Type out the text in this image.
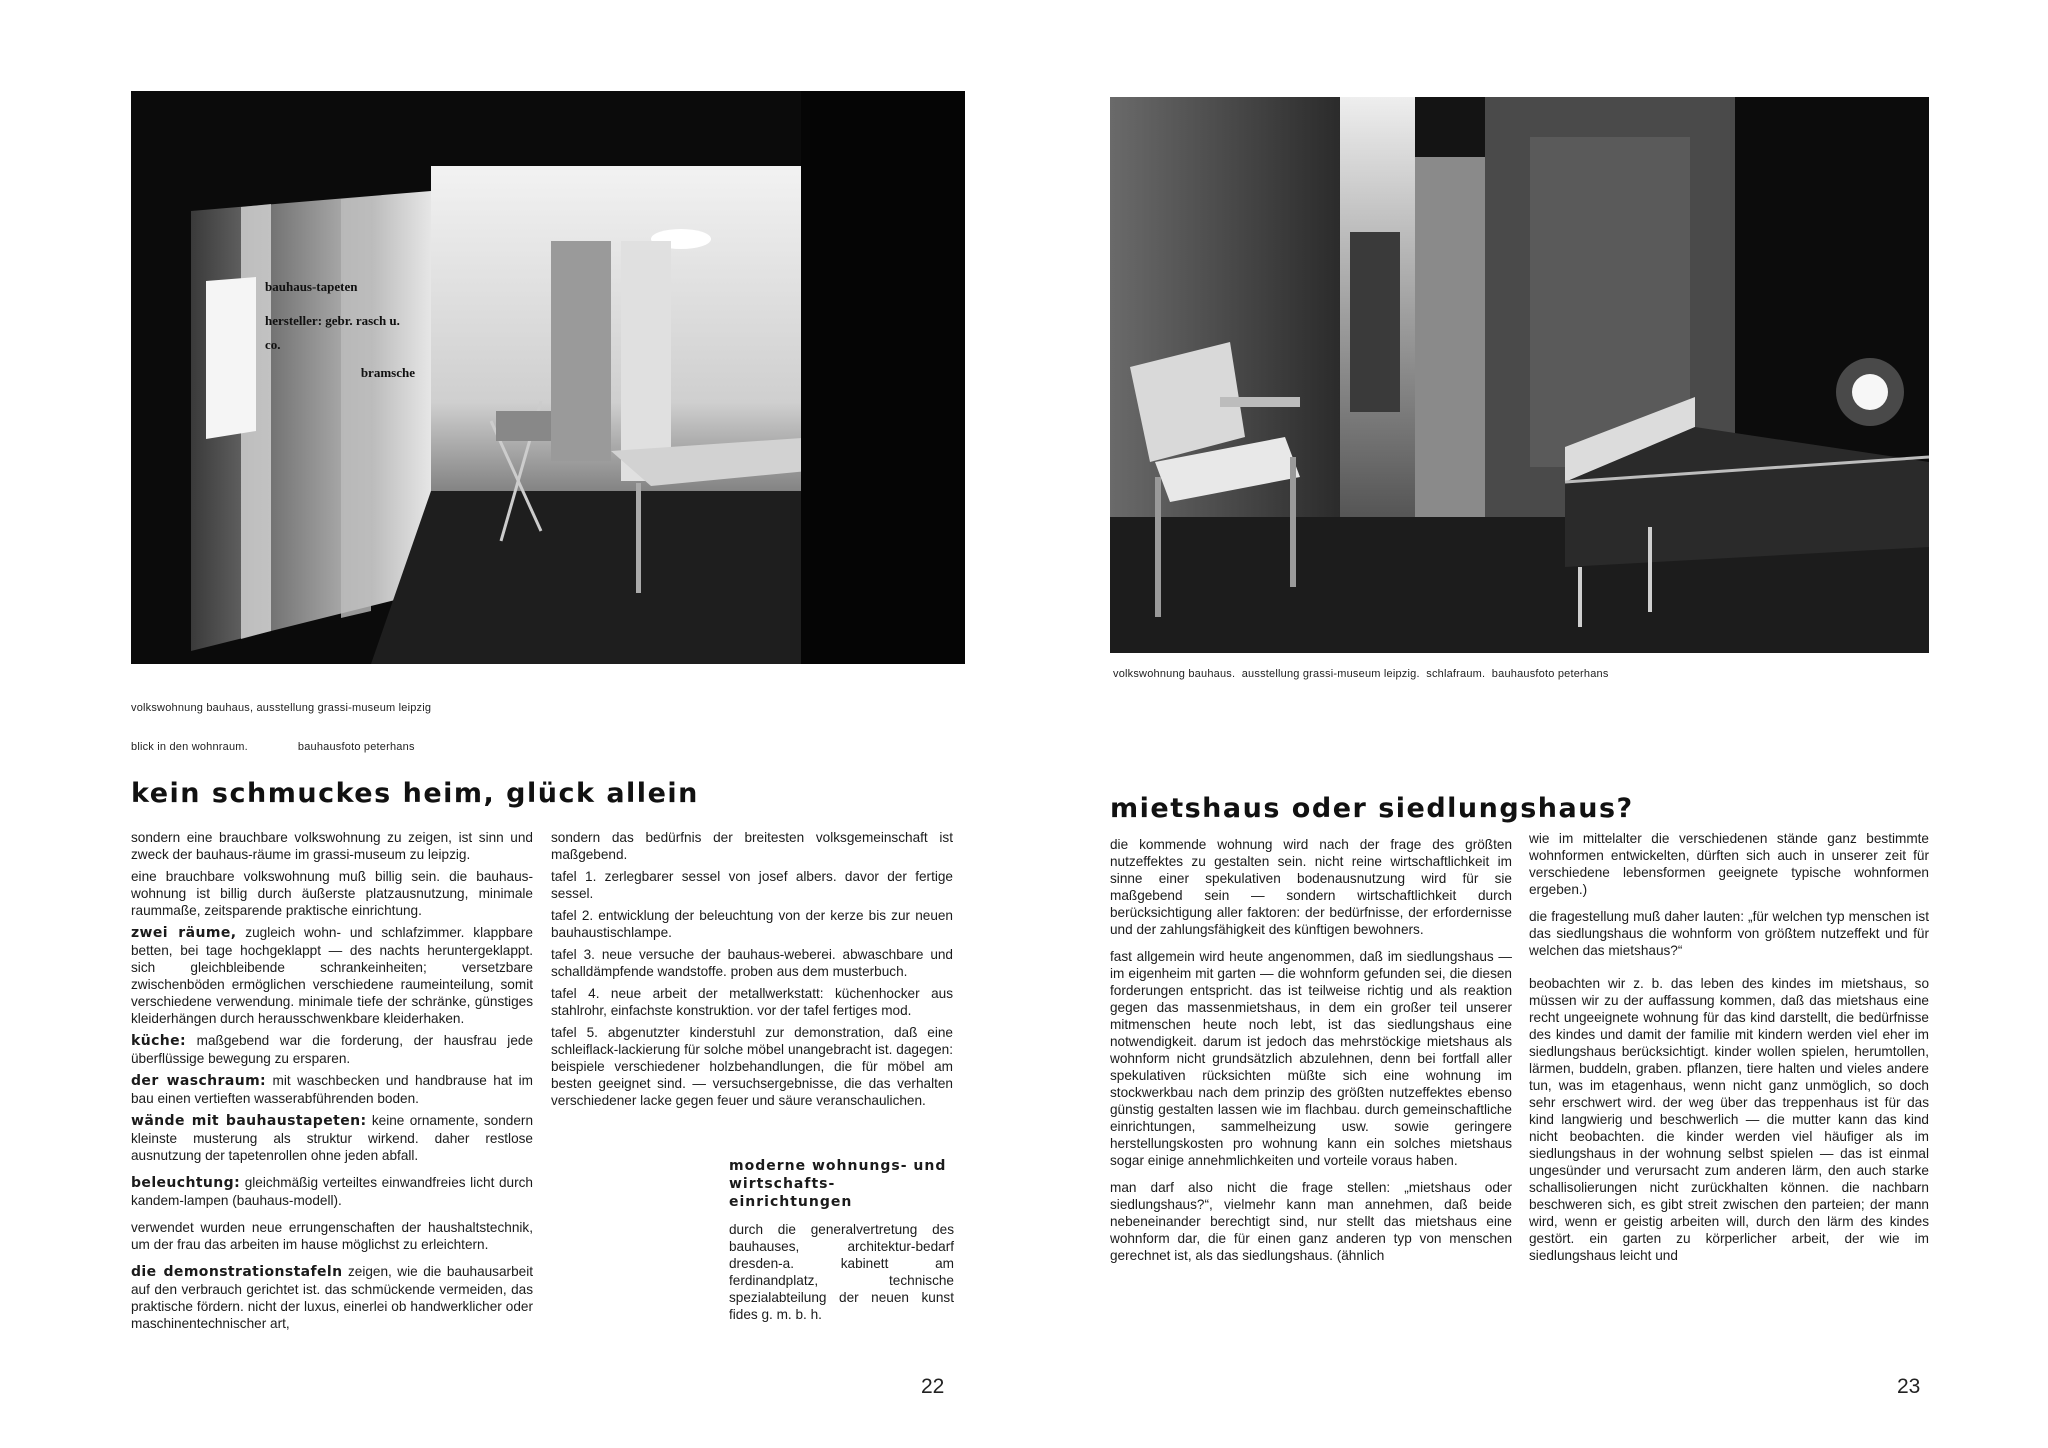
bauhaus-tapeten
hersteller: gebr. rasch u. co.
bramsche

volkswohnung bauhaus, ausstellung grassi-museum leipzig

blick in den wohnraum.	bauhausfoto peterhans

kein schmuckes heim, glück allein

sondern eine brauchbare volkswohnung zu zeigen, ist sinn und zweck der bauhaus-räume im grassi-museum zu leipzig.

eine brauchbare volkswohnung muß billig sein. die bauhaus-wohnung ist billig durch äußerste platzausnutzung, minimale raummaße, zeitsparende praktische einrichtung.

zwei räume, zugleich wohn- und schlafzimmer. klappbare betten, bei tage hochgeklappt — des nachts heruntergeklappt. sich gleichbleibende schrankeinheiten; versetzbare zwischenböden ermöglichen verschiedene raumeinteilung, somit verschiedene verwendung. minimale tiefe der schränke, günstiges kleiderhängen durch herausschwenkbare kleiderhaken.

küche: maßgebend war die forderung, der hausfrau jede überflüssige bewegung zu ersparen.

der waschraum: mit waschbecken und handbrause hat im bau einen vertieften wasserabführenden boden.

wände mit bauhaustapeten: keine ornamente, sondern kleinste musterung als struktur wirkend. daher restlose ausnutzung der tapetenrollen ohne jeden abfall.

beleuchtung: gleichmäßig verteiltes einwandfreies licht durch kandem-lampen (bauhaus-modell).

verwendet wurden neue errungenschaften der haushaltstechnik, um der frau das arbeiten im hause möglichst zu erleichtern.

die demonstrationstafeln zeigen, wie die bauhausarbeit auf den verbrauch gerichtet ist. das schmückende vermeiden, das praktische fördern. nicht der luxus, einerlei ob handwerklicher oder maschinentechnischer art,

sondern das bedürfnis der breitesten volksgemeinschaft ist maßgebend.

tafel 1. zerlegbarer sessel von josef albers. davor der fertige sessel.

tafel 2. entwicklung der beleuchtung von der kerze bis zur neuen bauhaustischlampe.

tafel 3. neue versuche der bauhaus-weberei. abwaschbare und schalldämpfende wandstoffe. proben aus dem musterbuch.

tafel 4. neue arbeit der metallwerkstatt: küchenhocker aus stahlrohr, einfachste konstruktion. vor der tafel fertiges mod.

tafel 5. abgenutzter kinderstuhl zur demonstration, daß eine schleiflack-lackierung für solche möbel unangebracht ist. dagegen: beispiele verschiedener holzbehandlungen, die für möbel am besten geeignet sind. — versuchsergebnisse, die das verhalten verschiedener lacke gegen feuer und säure veranschaulichen.

moderne wohnungs- und wirtschafts-einrichtungen

durch die generalvertretung des bauhauses, architektur-bedarf dresden-a. kabinett am ferdinandplatz, technische spezialabteilung der neuen kunst fides g. m. b. h.

22
volkswohnung bauhaus.  ausstellung grassi-museum leipzig.  schlafraum.  bauhausfoto peterhans
mietshaus oder siedlungshaus?

die kommende wohnung wird nach der frage des größten nutzeffektes zu gestalten sein. nicht reine wirtschaftlichkeit im sinne einer spekulativen bodenausnutzung wird für sie maßgebend sein — sondern wirtschaftlichkeit durch berücksichtigung aller faktoren: der bedürfnisse, der erfordernisse und der zahlungsfähigkeit des künftigen bewohners.

fast allgemein wird heute angenommen, daß im siedlungshaus — im eigenheim mit garten — die wohnform gefunden sei, die diesen forderungen entspricht. das ist teilweise richtig und als reaktion gegen das massenmietshaus, in dem ein großer teil unserer mitmenschen heute noch lebt, ist das siedlungshaus eine notwendigkeit. darum ist jedoch das mehrstöckige mietshaus als wohnform nicht grundsätzlich abzulehnen, denn bei fortfall aller spekulativen rücksichten müßte sich eine wohnung im stockwerkbau nach dem prinzip des größten nutzeffektes ebenso günstig gestalten lassen wie im flachbau. durch gemeinschaftliche einrichtungen, sammelheizung usw. sowie geringere herstellungskosten pro wohnung kann ein solches mietshaus sogar einige annehmlichkeiten und vorteile voraus haben.

man darf also nicht die frage stellen: „mietshaus oder siedlungshaus?“, vielmehr kann man annehmen, daß beide nebeneinander berechtigt sind, nur stellt das mietshaus eine wohnform dar, die für einen ganz anderen typ von menschen gerechnet ist, als das siedlungshaus. (ähnlich

wie im mittelalter die verschiedenen stände ganz bestimmte wohnformen entwickelten, dürften sich auch in unserer zeit für verschiedene lebensformen geeignete typische wohnformen ergeben.)

die fragestellung muß daher lauten: „für welchen typ menschen ist das siedlungshaus die wohnform von größtem nutzeffekt und für welchen das mietshaus?“

beobachten wir z. b. das leben des kindes im mietshaus, so müssen wir zu der auffassung kommen, daß das mietshaus eine recht ungeeignete wohnung für das kind darstellt, die bedürfnisse des kindes und damit der familie mit kindern werden viel eher im siedlungshaus berücksichtigt. kinder wollen spielen, herumtollen, lärmen, buddeln, graben. pflanzen, tiere halten und vieles andere tun, was im etagenhaus, wenn nicht ganz unmöglich, so doch sehr erschwert wird. der weg über das treppenhaus ist für das kind langwierig und beschwerlich — die mutter kann das kind nicht beobachten. die kinder werden viel häufiger als im siedlungshaus in der wohnung selbst spielen — das ist einmal ungesünder und verursacht zum anderen lärm, den auch starke schallisolierungen nicht zurückhalten können. die nachbarn beschweren sich, es gibt streit zwischen den parteien; der mann wird, wenn er geistig arbeiten will, durch den lärm des kindes gestört. ein garten zu körperlicher arbeit, der wie im siedlungshaus leicht und

23
